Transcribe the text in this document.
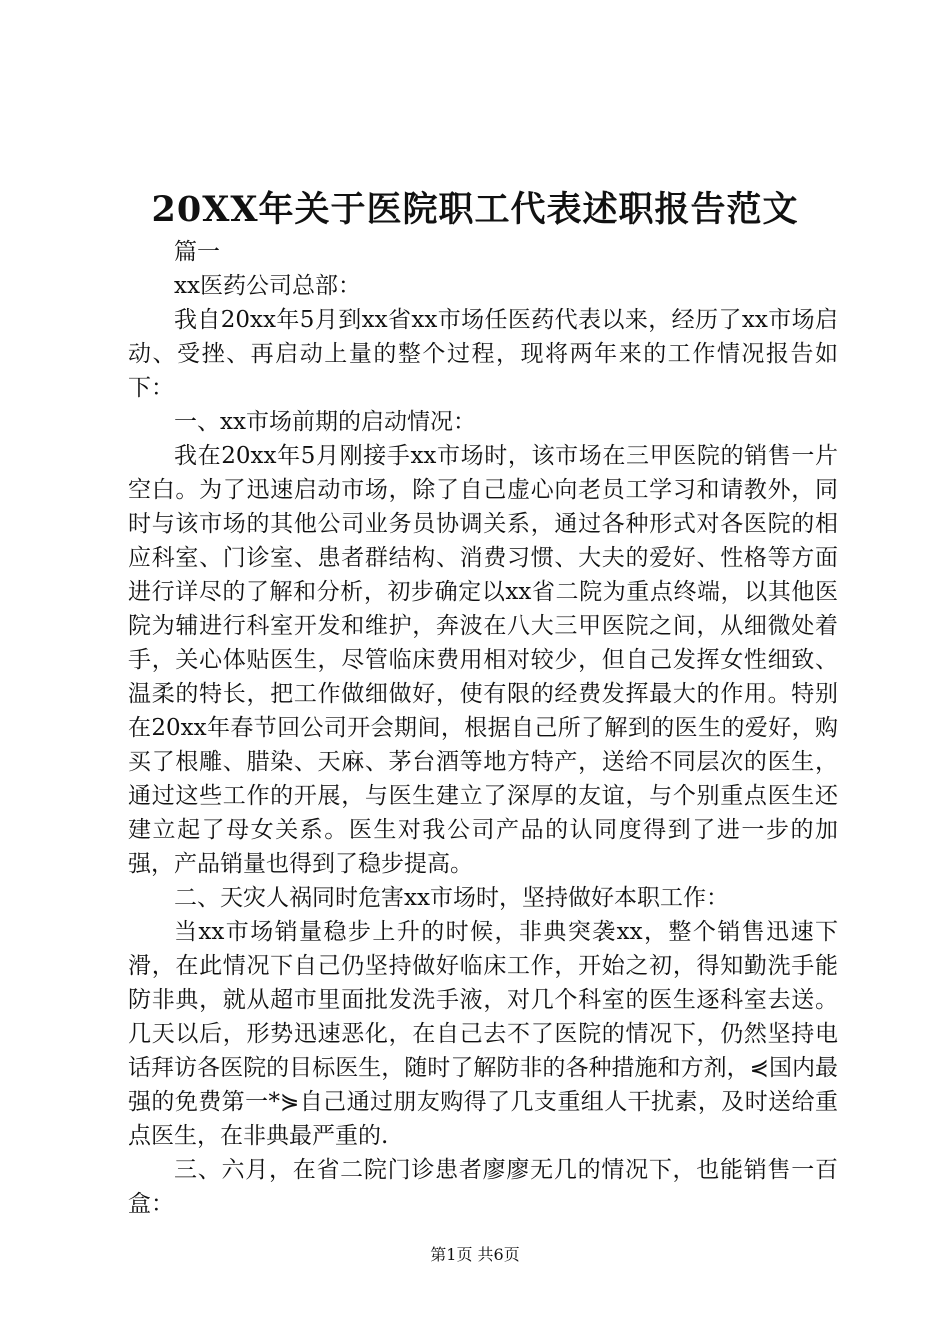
20XX年关于医院职工代表述职报告范文

篇一

xx医药公司总部：

我自20xx年5月到xx省xx市场任医药代表以来，经历了xx市场启动、受挫、再启动上量的整个过程，现将两年来的工作情况报告如下：

一、xx市场前期的启动情况：

我在20xx年5月刚接手xx市场时，该市场在三甲医院的销售一片空白。为了迅速启动市场，除了自己虚心向老员工学习和请教外，同时与该市场的其他公司业务员协调关系，通过各种形式对各医院的相应科室、门诊室、患者群结构、消费习惯、大夫的爱好、性格等方面进行详尽的了解和分析，初步确定以xx省二院为重点终端，以其他医院为辅进行科室开发和维护，奔波在八大三甲医院之间，从细微处着手，关心体贴医生，尽管临床费用相对较少，但自己发挥女性细致、温柔的特长，把工作做细做好，使有限的经费发挥最大的作用。特别在20xx年春节回公司开会期间，根据自己所了解到的医生的爱好，购买了根雕、腊染、天麻、茅台酒等地方特产，送给不同层次的医生，通过这些工作的开展，与医生建立了深厚的友谊，与个别重点医生还建立起了母女关系。医生对我公司产品的认同度得到了进一步的加强，产品销量也得到了稳步提高。

二、天灾人祸同时危害xx市场时，坚持做好本职工作：

当xx市场销量稳步上升的时候，非典突袭xx，整个销售迅速下滑，在此情况下自己仍坚持做好临床工作，开始之初，得知勤洗手能防非典，就从超市里面批发洗手液，对几个科室的医生逐科室去送。几天以后，形势迅速恶化，在自己去不了医院的情况下，仍然坚持电话拜访各医院的目标医生，随时了解防非的各种措施和方剂，⋞国内最强的免费第一*⋟自己通过朋友购得了几支重组人干扰素，及时送给重点医生，在非典最严重的.

三、六月，在省二院门诊患者廖廖无几的情况下，也能销售一百盒：

第1页 共6页
